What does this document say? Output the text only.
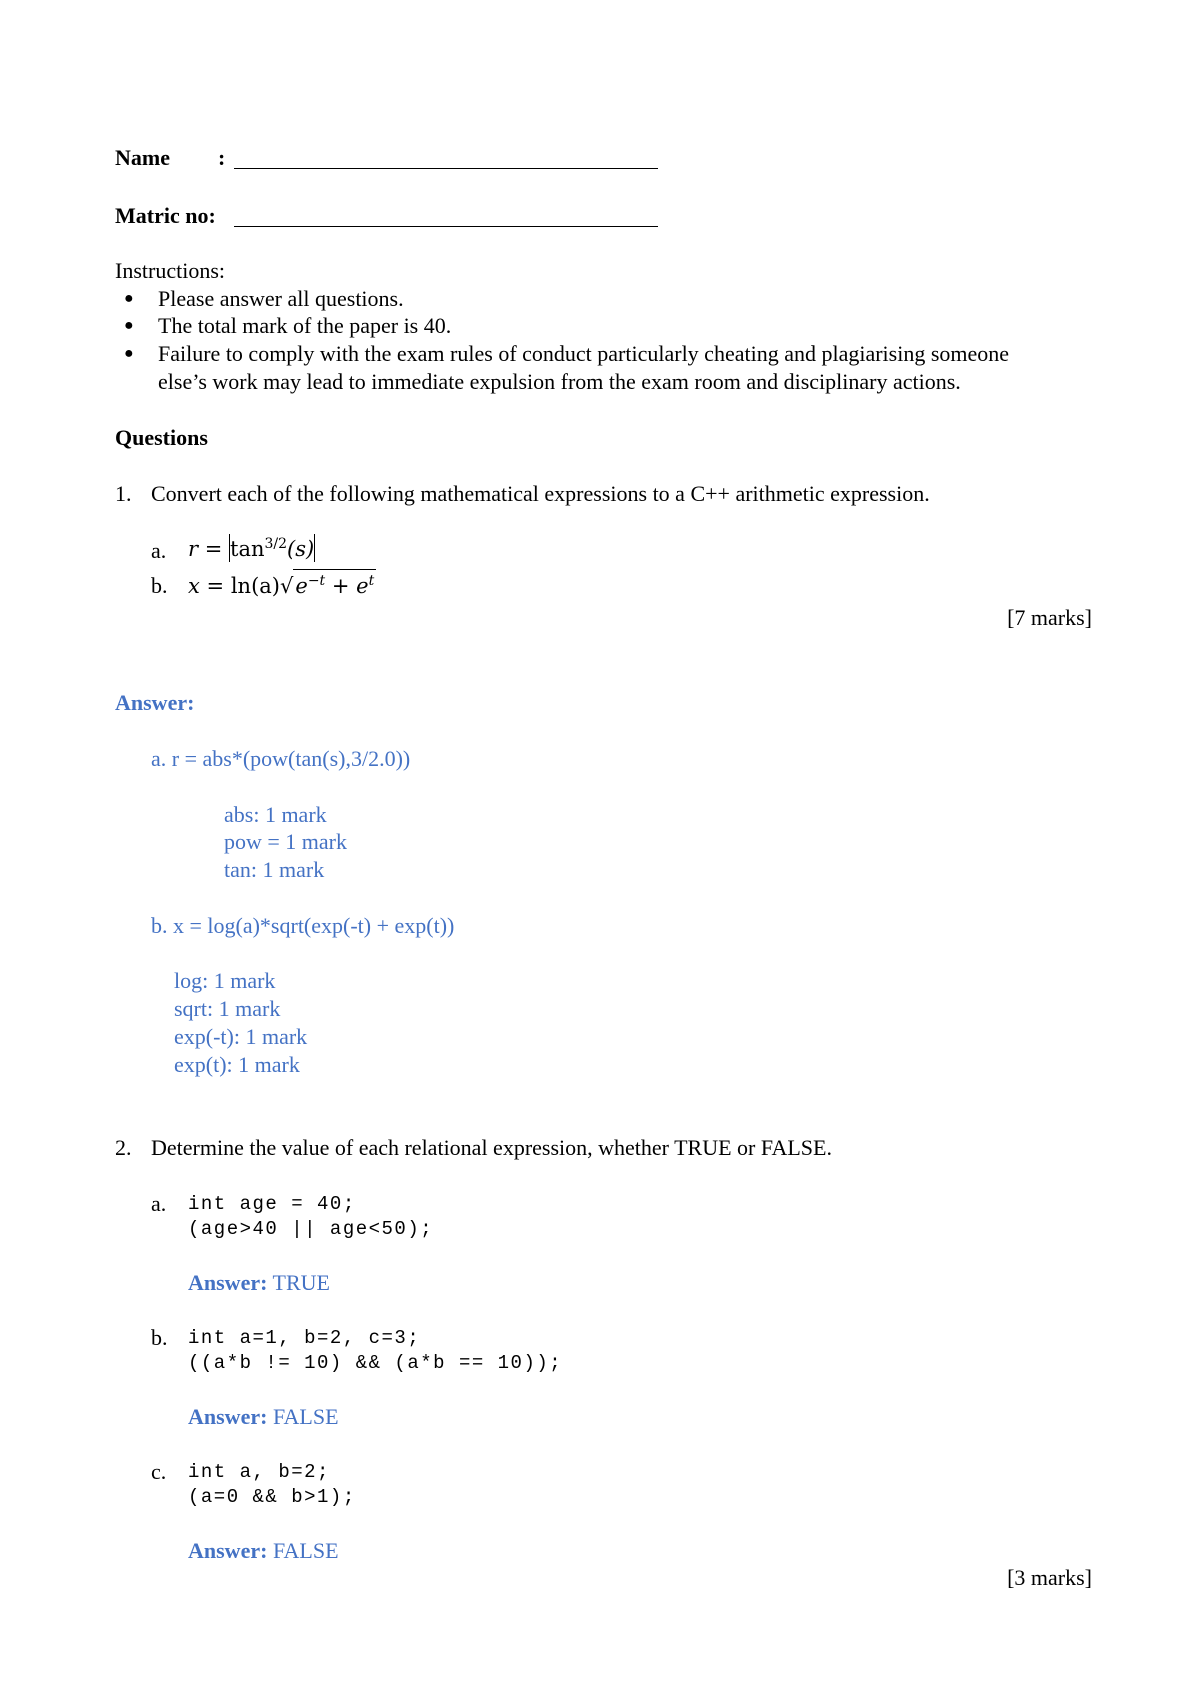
Name :
Matric no:
Instructions:
● Please answer all questions.
● The total mark of the paper is 40.
● Failure to comply with the exam rules of conduct particularly cheating and plagiarising someone
else’s work may lead to immediate expulsion from the exam room and disciplinary actions.
Questions
1. Convert each of the following mathematical expressions to a C++ arithmetic expression.
a. $r = \tan^{3/2}(s)$
b. $x = \ln(a)√e^{-t} + e^t$
[7 marks]
Answer:
a. r = abs*(pow(tan(s),3/2.0))
abs: 1 mark
pow = 1 mark
tan: 1 mark
b. x = log(a)*sqrt(exp(-t) + exp(t))
log: 1 mark
sqrt: 1 mark
exp(-t): 1 mark
exp(t): 1 mark
2. Determine the value of each relational expression, whether TRUE or FALSE.
a. int age = 40;
(age>40 || age<50);
Answer: TRUE
b. int a=1, b=2, c=3;
((a*b != 10) && (a*b == 10));
Answer: FALSE
c. int a, b=2;
(a=0 && b>1);
Answer: FALSE
[3 marks]
